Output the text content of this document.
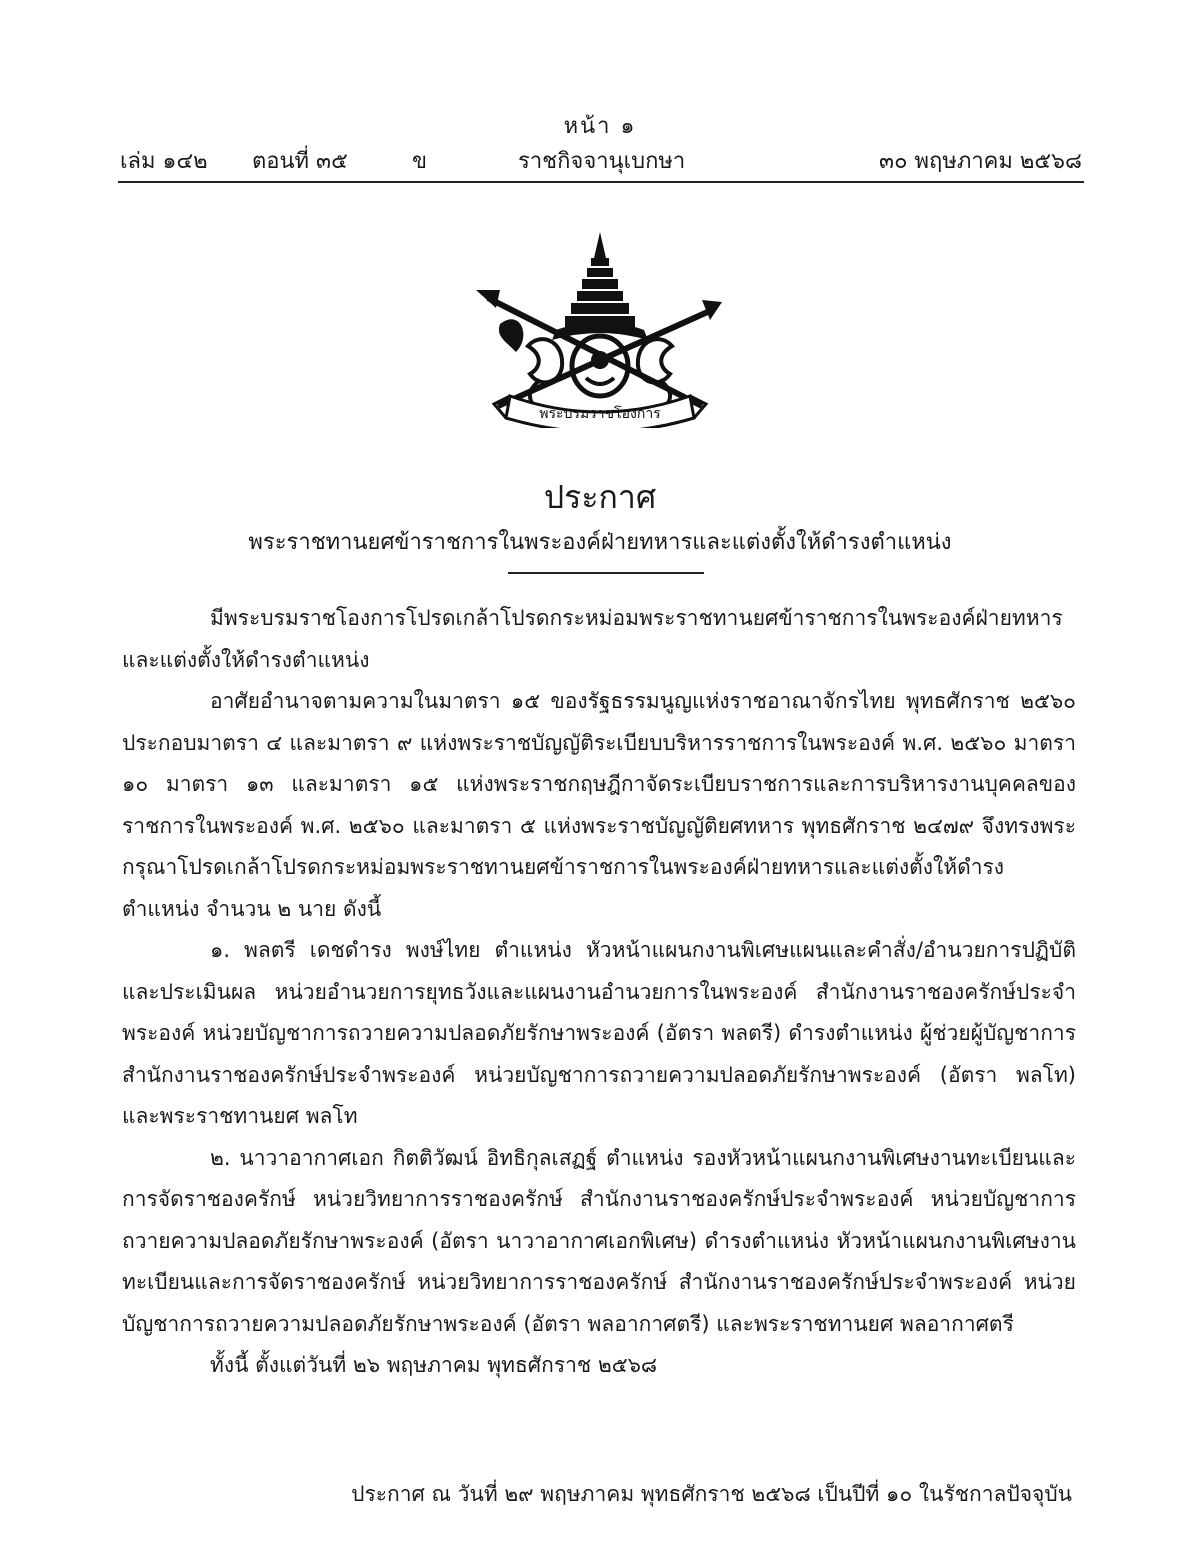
หน้า ๑
เล่ม ๑๔๒ ตอนที่ ๓๕	ข	ราชกิจจานุเบกษา	๓๐ พฤษภาคม ๒๕๖๘
พระบรมราชโองการ
ประกาศ
พระราชทานยศข้าราชการในพระองค์ฝ่ายทหารและแต่งตั้งให้ดำรงตำแหน่ง

มีพระบรมราชโองการโปรดเกล้าโปรดกระหม่อมพระราชทานยศข้าราชการในพระองค์ฝ่ายทหาร และแต่งตั้งให้ดำรงตำแหน่ง

อาศัยอำนาจตามความในมาตรา ๑๕ ของรัฐธรรมนูญแห่งราชอาณาจักรไทย พุทธศักราช ๒๕๖๐ ประกอบมาตรา ๔ และมาตรา ๙ แห่งพระราชบัญญัติระเบียบบริหารราชการในพระองค์ พ.ศ. ๒๕๖๐ มาตรา ๑๐ มาตรา ๑๓ และมาตรา ๑๕ แห่งพระราชกฤษฎีกาจัดระเบียบราชการและการบริหารงานบุคคลของราชการในพระองค์ พ.ศ. ๒๕๖๐ และมาตรา ๕ แห่งพระราชบัญญัติยศทหาร พุทธศักราช ๒๔๗๙ จึงทรงพระกรุณาโปรดเกล้าโปรดกระหม่อมพระราชทานยศข้าราชการในพระองค์ฝ่ายทหารและแต่งตั้งให้ดำรงตำแหน่ง จำนวน ๒ นาย ดังนี้

๑. พลตรี เดชดำรง พงษ์ไทย ตำแหน่ง หัวหน้าแผนกงานพิเศษแผนและคำสั่ง/อำนวยการปฏิบัติและประเมินผล หน่วยอำนวยการยุทธวังและแผนงานอำนวยการในพระองค์ สำนักงานราชองครักษ์ประจำพระองค์ หน่วยบัญชาการถวายความปลอดภัยรักษาพระองค์ (อัตรา พลตรี) ดำรงตำแหน่ง ผู้ช่วยผู้บัญชาการสำนักงานราชองครักษ์ประจำพระองค์ หน่วยบัญชาการถวายความปลอดภัยรักษาพระองค์ (อัตรา พลโท) และพระราชทานยศ พลโท

๒. นาวาอากาศเอก กิตติวัฒน์ อิทธิกุลเสฏฐ์ ตำแหน่ง รองหัวหน้าแผนกงานพิเศษงานทะเบียนและการจัดราชองครักษ์ หน่วยวิทยาการราชองครักษ์ สำนักงานราชองครักษ์ประจำพระองค์ หน่วยบัญชาการถวายความปลอดภัยรักษาพระองค์ (อัตรา นาวาอากาศเอกพิเศษ) ดำรงตำแหน่ง หัวหน้าแผนกงานพิเศษงานทะเบียนและการจัดราชองครักษ์ หน่วยวิทยาการราชองครักษ์ สำนักงานราชองครักษ์ประจำพระองค์ หน่วยบัญชาการถวายความปลอดภัยรักษาพระองค์ (อัตรา พลอากาศตรี) และพระราชทานยศ พลอากาศตรี

ทั้งนี้ ตั้งแต่วันที่ ๒๖ พฤษภาคม พุทธศักราช ๒๕๖๘

ประกาศ ณ วันที่ ๒๙ พฤษภาคม พุทธศักราช ๒๕๖๘ เป็นปีที่ ๑๐ ในรัชกาลปัจจุบัน
